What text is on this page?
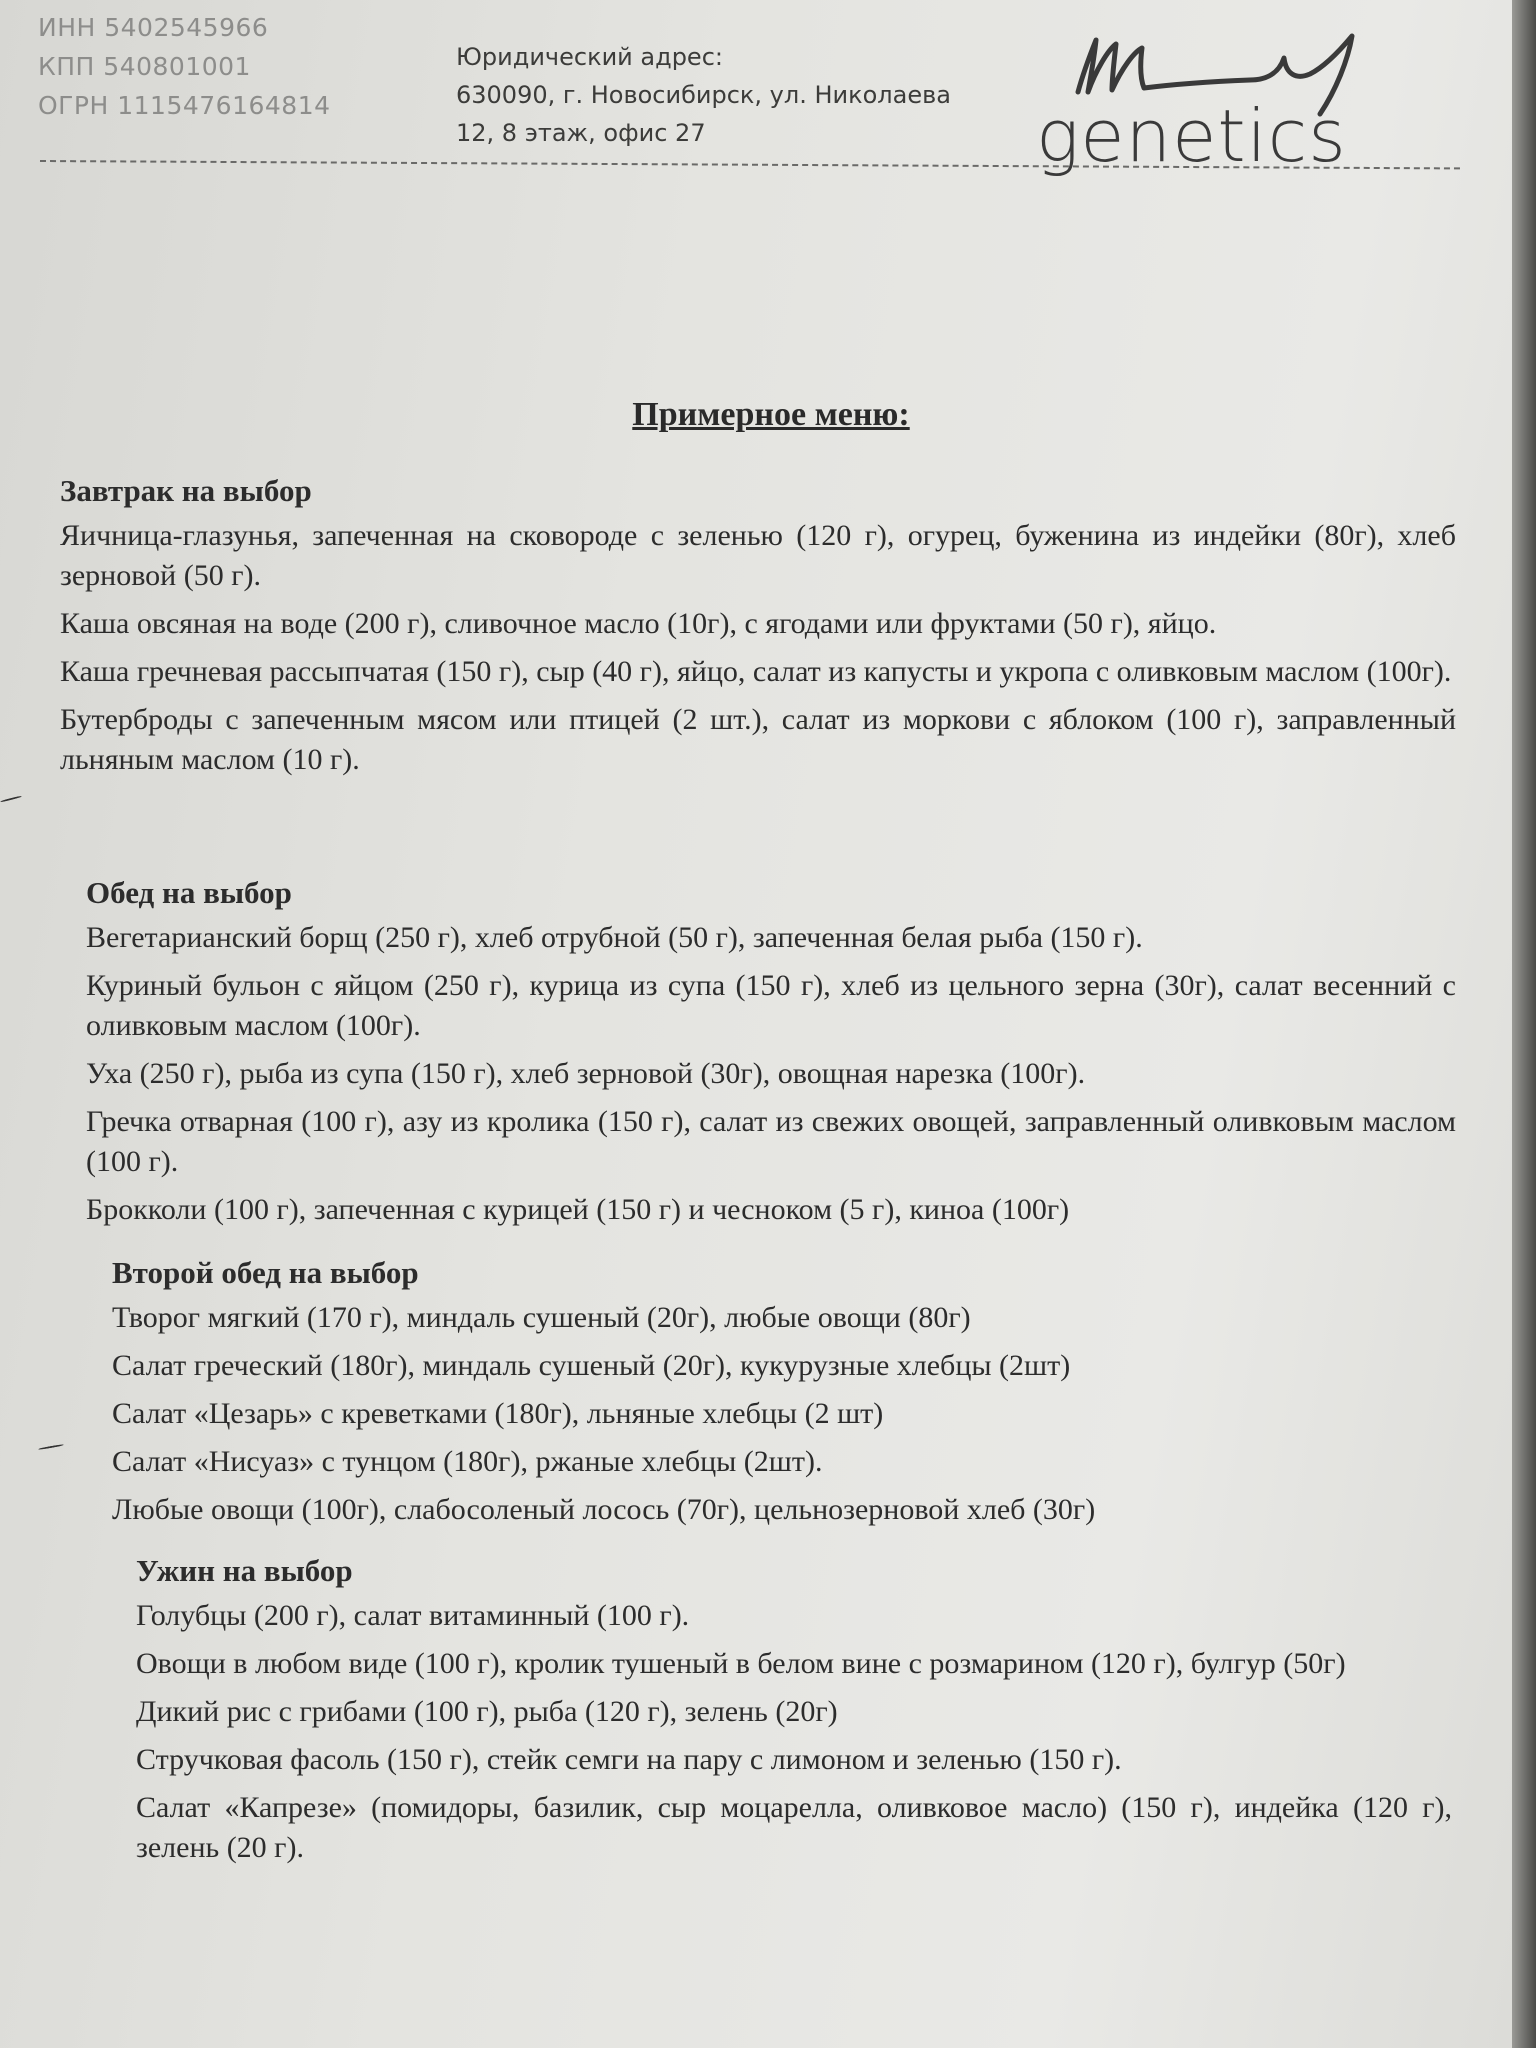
ИНН 5402545966
КПП 540801001
ОГРН 1115476164814
Юридический адрес:
630090, г. Новосибирск, ул. Николаева
12, 8 этаж, офис 27	genetics
Примерное меню:
Завтрак на выбор

Яичница-глазунья, запеченная на сковороде с зеленью (120 г), огурец, буженина из индейки (80г), хлеб зерновой (50 г).

Каша овсяная на воде (200 г), сливочное масло (10г), с ягодами или фруктами (50 г), яйцо.

Каша гречневая рассыпчатая (150 г), сыр (40 г), яйцо, салат из капусты и укропа с оливковым маслом (100г).

Бутерброды с запеченным мясом или птицей (2 шт.), салат из моркови с яблоком (100 г), заправленный льняным маслом (10 г).

Обед на выбор

Вегетарианский борщ (250 г), хлеб отрубной (50 г), запеченная белая рыба (150 г).

Куриный бульон с яйцом (250 г), курица из супа (150 г), хлеб из цельного зерна (30г), салат весенний с оливковым маслом (100г).

Уха (250 г), рыба из супа (150 г), хлеб зерновой (30г), овощная нарезка (100г).

Гречка отварная (100 г), азу из кролика (150 г), салат из свежих овощей, заправленный оливковым маслом (100 г).

Брокколи (100 г), запеченная с курицей (150 г) и чесноком (5 г), киноа (100г)

Второй обед на выбор

Творог мягкий (170 г), миндаль сушеный (20г), любые овощи (80г)

Салат греческий (180г), миндаль сушеный (20г), кукурузные хлебцы (2шт)

Салат «Цезарь» с креветками (180г), льняные хлебцы (2 шт)

Салат «Нисуаз» с тунцом (180г), ржаные хлебцы (2шт).

Любые овощи (100г), слабосоленый лосось (70г), цельнозерновой хлеб (30г)

Ужин на выбор

Голубцы (200 г), салат витаминный (100 г).

Овощи в любом виде (100 г), кролик тушеный в белом вине с розмарином (120 г), булгур (50г)

Дикий рис с грибами (100 г), рыба (120 г), зелень (20г)

Стручковая фасоль (150 г), стейк семги на пару с лимоном и зеленью (150 г).

Салат «Капрезе» (помидоры, базилик, сыр моцарелла, оливковое масло) (150 г), индейка (120 г), зелень (20 г).
